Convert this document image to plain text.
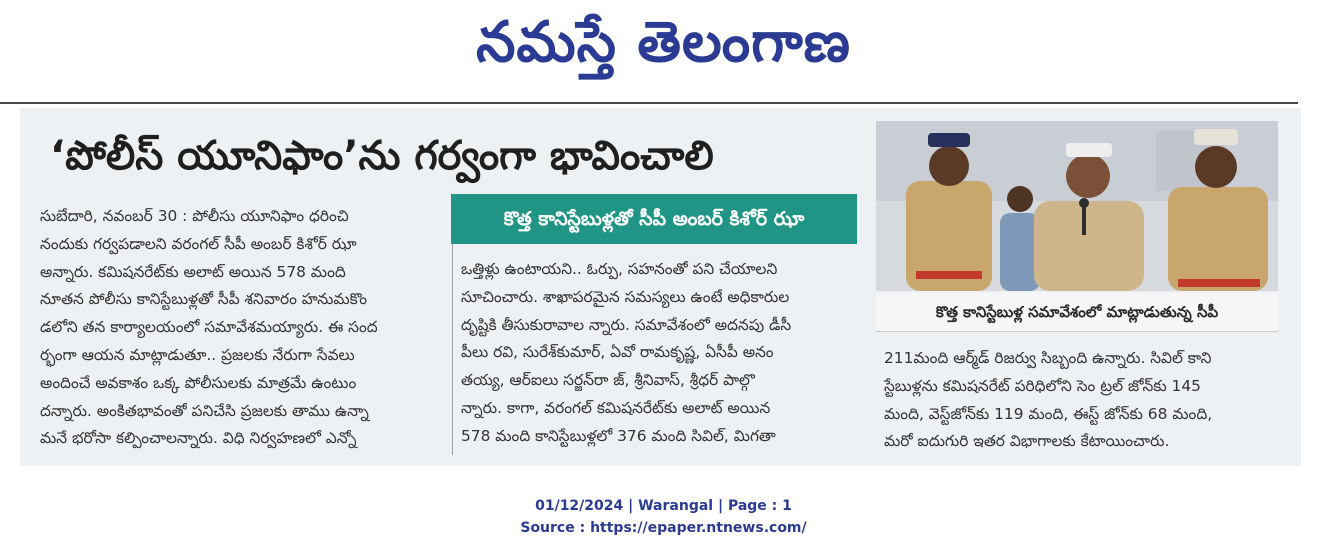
నమస్తే తెలంగాణ
‘పోలీస్ యూనిఫాం’ను గర్వంగా భావించాలి

సుబేదారి, నవంబర్ 30 : పోలీసు యూనిఫాం ధరించి

నందుకు గర్వపడాలని వరంగల్ సీపీ అంబర్ కిశోర్ ఝా

అన్నారు. కమిషనరేట్‌కు అలాట్ అయిన 578 మంది

నూతన పోలీసు కానిస్టేబుళ్లతో సీపీ శనివారం హనుమకొం

డలోని తన కార్యాలయంలో సమావేశమయ్యారు. ఈ సంద

ర్భంగా ఆయన మాట్లాడుతూ.. ప్రజలకు నేరుగా సేవలు

అందించే అవకాశం ఒక్క పోలీసులకు మాత్రమే ఉంటుం

దన్నారు. అంకితభావంతో పనిచేసి ప్రజలకు తాము ఉన్నా

మనే భరోసా కల్పించాలన్నారు. విధి నిర్వహణలో ఎన్నో

కొత్త కానిస్టేబుళ్లతో సీపీ అంబర్ కిశోర్ ఝా

ఒత్తిళ్లు ఉంటాయని.. ఓర్పు, సహనంతో పని చేయాలని

సూచించారు. శాఖాపరమైన సమస్యలు ఉంటే అధికారుల

దృష్టికి తీసుకురావాల న్నారు. సమావేశంలో అదనపు డీసీ

పీలు రవి, సురేశ్‌కుమార్, ఏవో రామకృష్ణ, ఏసీపీ అనం

తయ్య, ఆర్‌ఐలు సర్జన్‌రా జ్, శ్రీనివాస్, శ్రీధర్ పాల్గొ

న్నారు. కాగా, వరంగల్ కమిషనరేట్‌కు అలాట్ అయిన

578 మంది కానిస్టేబుళ్లలో 376 మంది సివిల్, మిగతా

కొత్త కానిస్టేబుళ్ల సమావేశంలో మాట్లాడుతున్న సీపీ

211మంది ఆర్మ్‌డ్ రిజర్వు సిబ్బంది ఉన్నారు. సివిల్ కాని

స్టేబుళ్లను కమిషనరేట్ పరిధిలోని సెం ట్రల్ జోన్‌కు 145

మంది, వెస్ట్‌జోన్‌కు 119 మంది, ఈస్ట్ జోన్‌కు 68 మంది,

మరో ఐదుగురి ఇతర విభాగాలకు కేటాయించారు.

01/12/2024 | Warangal | Page : 1
Source : https://epaper.ntnews.com/
